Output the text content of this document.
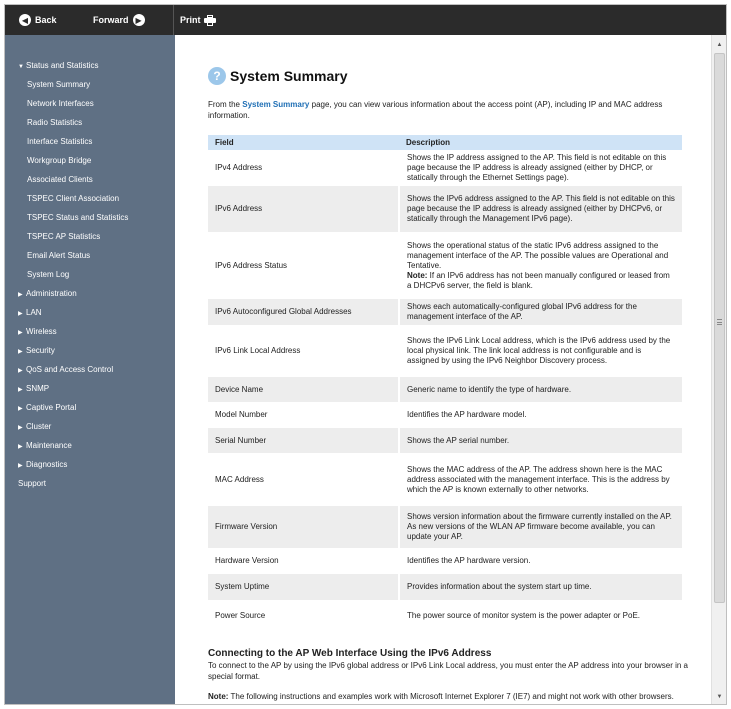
◀ Back	Forward ▶	Print
▼ Status and Statistics
System Summary
Network Interfaces
Radio Statistics
Interface Statistics
Workgroup Bridge
Associated Clients
TSPEC Client Association
TSPEC Status and Statistics
TSPEC AP Statistics
Email Alert Status
System Log
▶ Administration
▶ LAN
▶ Wireless
▶ Security
▶ QoS and Access Control
▶ SNMP
▶ Captive Portal
▶ Cluster
▶ Maintenance
▶ Diagnostics
Support
? System Summary

From the System Summary page, you can view various information about the access point (AP), including IP and MAC address information.

Field	Description
IPv4 Address	Shows the IP address assigned to the AP. This field is not editable on this page because the IP address is already assigned (either by DHCP, or statically through the Ethernet Settings page).
IPv6 Address	Shows the IPv6 address assigned to the AP. This field is not editable on this page because the IP address is already assigned (either by DHCPv6, or statically through the Management IPv6 page).
IPv6 Address Status	Shows the operational status of the static IPv6 address assigned to the management interface of the AP. The possible values are Operational and Tentative.
Note: If an IPv6 address has not been manually configured or leased from a DHCPv6 server, the field is blank.
IPv6 Autoconfigured Global Addresses	Shows each automatically-configured global IPv6 address for the management interface of the AP.
IPv6 Link Local Address	Shows the IPv6 Link Local address, which is the IPv6 address used by the local physical link. The link local address is not configurable and is assigned by using the IPv6 Neighbor Discovery process.
Device Name	Generic name to identify the type of hardware.
Model Number	Identifies the AP hardware model.
Serial Number	Shows the AP serial number.
MAC Address	Shows the MAC address of the AP. The address shown here is the MAC address associated with the management interface. This is the address by which the AP is known externally to other networks.
Firmware Version	Shows version information about the firmware currently installed on the AP. As new versions of the WLAN AP firmware become available, you can update your AP.
Hardware Version	Identifies the AP hardware version.
System Uptime	Provides information about the system start up time.
Power Source	The power source of monitor system is the power adapter or PoE.
Connecting to the AP Web Interface Using the IPv6 Address

To connect to the AP by using the IPv6 global address or IPv6 Link Local address, you must enter the AP address into your browser in a special format.

Note: The following instructions and examples work with Microsoft Internet Explorer 7 (IE7) and might not work with other browsers.

▲
▼
